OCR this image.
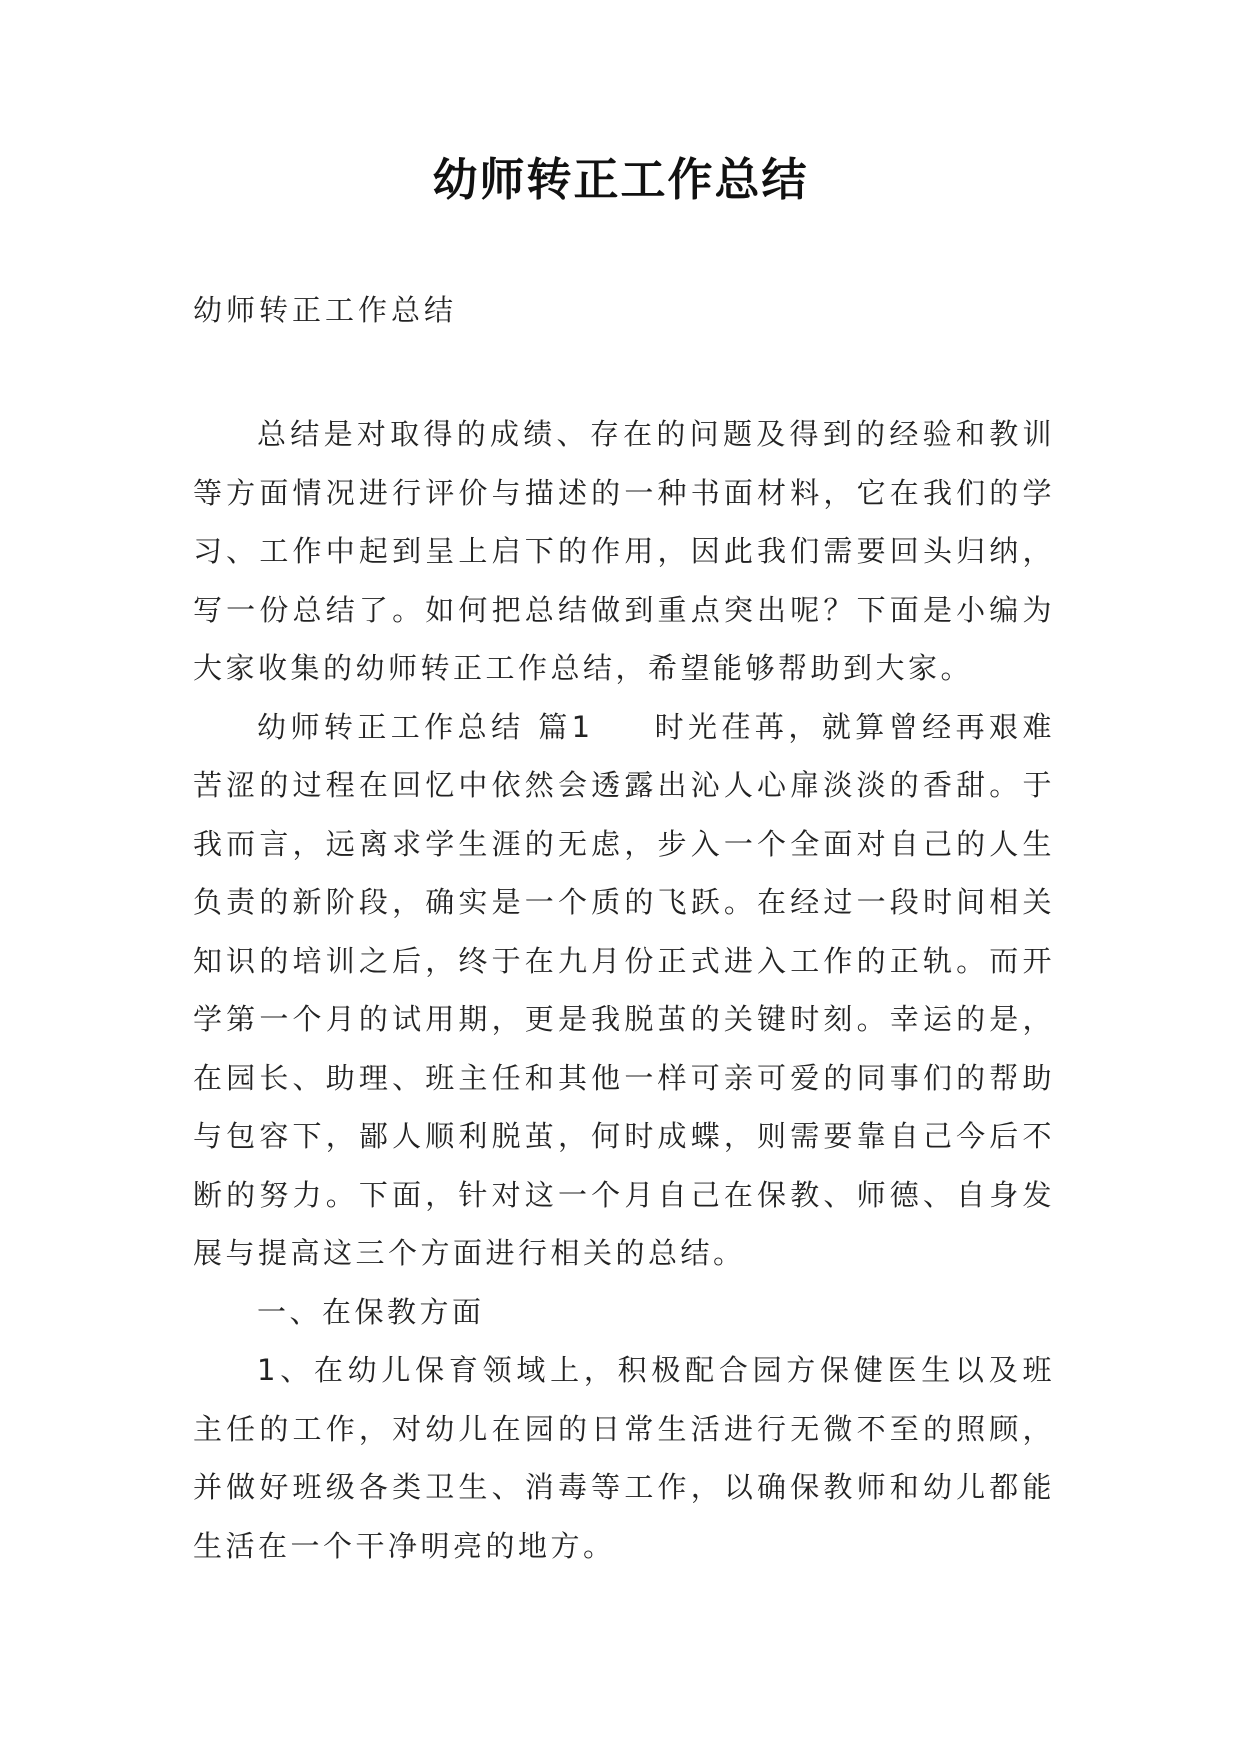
幼师转正工作总结
幼师转正工作总结

总结是对取得的成绩、存在的问题及得到的经验和教训等方面情况进行评价与描述的一种书面材料，它在我们的学习、工作中起到呈上启下的作用，因此我们需要回头归纳，写一份总结了。如何把总结做到重点突出呢？下面是小编为大家收集的幼师转正工作总结，希望能够帮助到大家。

幼师转正工作总结 篇1 时光荏苒，就算曾经再艰难苦涩的过程在回忆中依然会透露出沁人心扉淡淡的香甜。于我而言，远离求学生涯的无虑，步入一个全面对自己的人生负责的新阶段，确实是一个质的飞跃。在经过一段时间相关知识的培训之后，终于在九月份正式进入工作的正轨。而开学第一个月的试用期，更是我脱茧的关键时刻。幸运的是，在园长、助理、班主任和其他一样可亲可爱的同事们的帮助与包容下，鄙人顺利脱茧，何时成蝶，则需要靠自己今后不断的努力。下面，针对这一个月自己在保教、师德、自身发展与提高这三个方面进行相关的总结。

一、在保教方面

1、在幼儿保育领域上，积极配合园方保健医生以及班主任的工作，对幼儿在园的日常生活进行无微不至的照顾，并做好班级各类卫生、消毒等工作，以确保教师和幼儿都能生活在一个干净明亮的地方。
